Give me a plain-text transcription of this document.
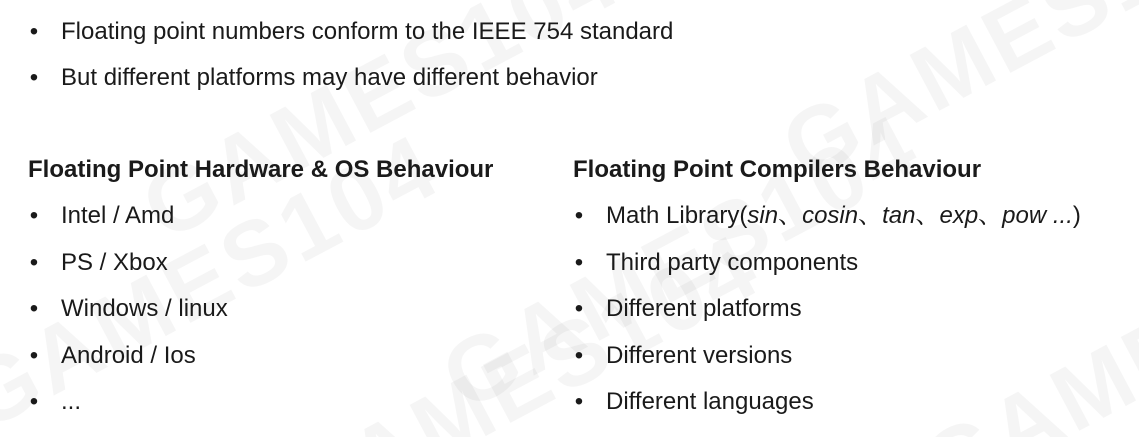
• Floating point numbers conform to the IEEE 754 standard
• But different platforms may have different behavior
Floating Point Hardware & OS Behaviour
• Intel / Amd
• PS / Xbox
• Windows / linux
• Android / Ios
• ...
Floating Point Compilers Behaviour
• Math Library(sin、cosin、tan、exp、pow ...)
• Third party components
• Different platforms
• Different versions
• Different languages
